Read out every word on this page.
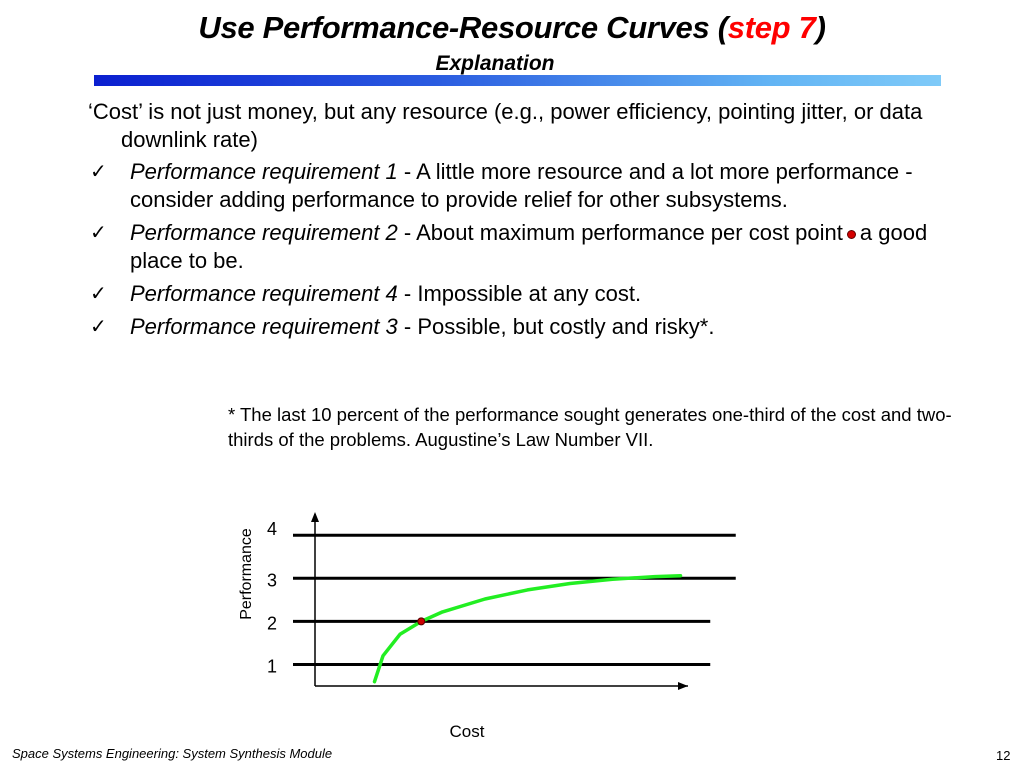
Use Performance-Resource Curves (step 7)
Explanation

‘Cost’ is not just money, but any resource (e.g., power efficiency, pointing jitter, or data downlink rate)

✓ Performance requirement 1 - A little more resource and a lot more performance - consider adding performance to provide relief for other subsystems.
✓ Performance requirement 2 - About maximum performance per cost point a good place to be.
✓ Performance requirement 4 - Impossible at any cost.
✓ Performance requirement 3 - Possible, but costly and risky*.
* The last 10 percent of the performance sought generates one-third of the cost and two-thirds of the problems. Augustine’s Law Number VII.
1
2
3
4
Performance
Cost
Space Systems Engineering: System Synthesis Module	12
